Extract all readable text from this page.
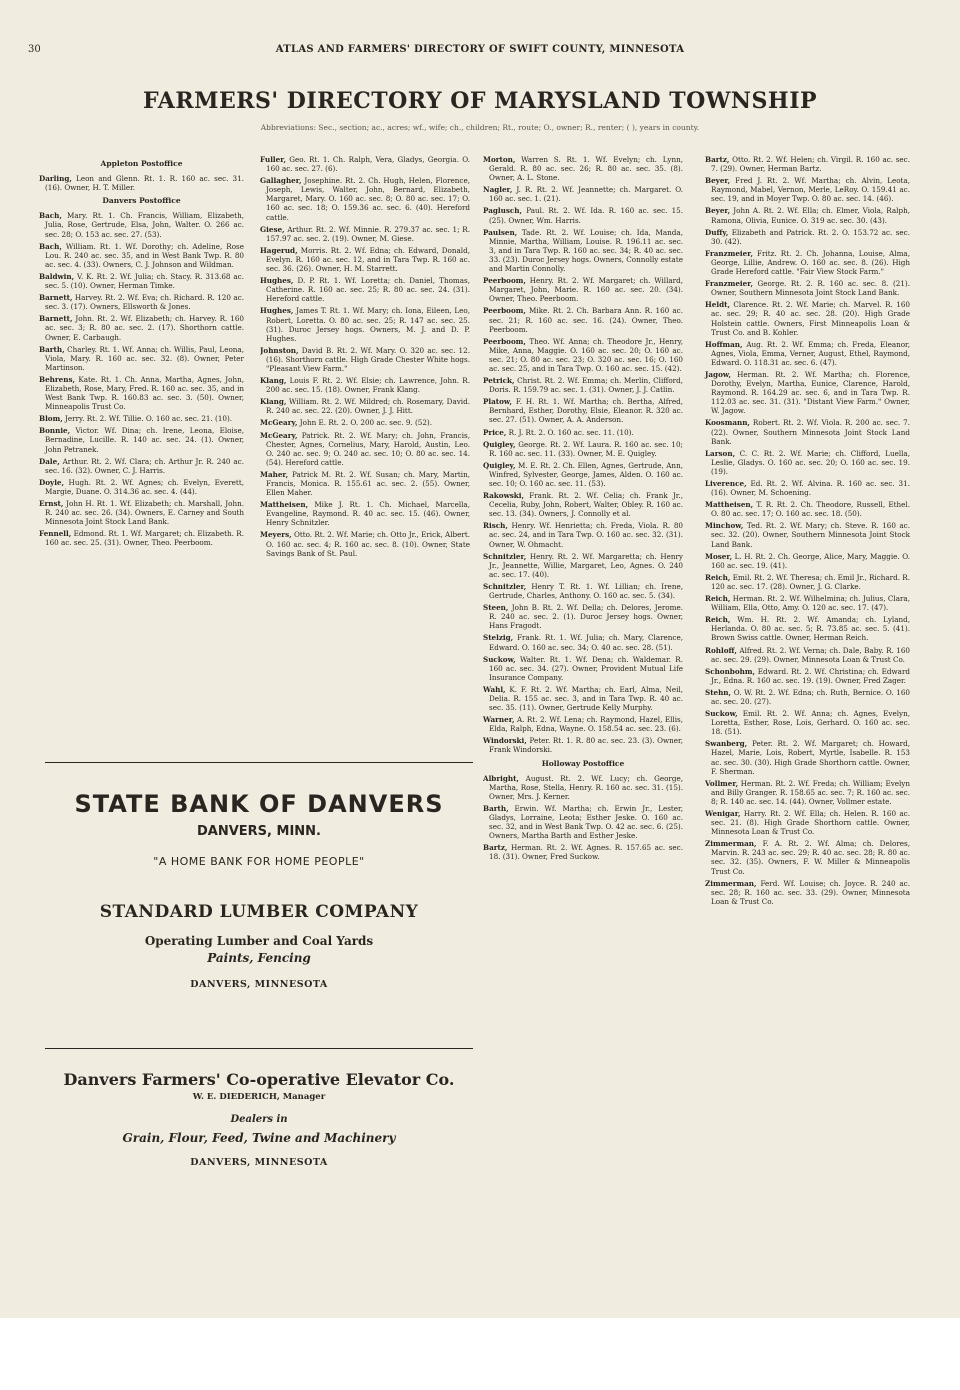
30	ATLAS AND FARMERS' DIRECTORY OF SWIFT COUNTY, MINNESOTA
FARMERS' DIRECTORY OF MARYSLAND TOWNSHIP
Abbreviations: Sec., section; ac., acres; wf., wife; ch., children; Rt., route; O., owner; R., renter; ( ), years in county.
Appleton Postoffice

Darling, Leon and Glenn. Rt. 1. R. 160 ac. sec. 31. (16). Owner, H. T. Miller.

Danvers Postoffice

Bach, Mary. Rt. 1. Ch. Francis, William, Elizabeth, Julia, Rose, Gertrude, Elsa, John, Walter. O. 266 ac. sec. 28; O. 153 ac. sec. 27. (53).

Bach, William. Rt. 1. Wf. Dorothy; ch. Adeline, Rose Lou. R. 240 ac. sec. 35, and in West Bank Twp. R. 80 ac. sec. 4. (33). Owners, C. J. Johnson and Wildman.

Baldwin, V. K. Rt. 2. Wf. Julia; ch. Stacy. R. 313.68 ac. sec. 5. (10). Owner, Herman Timke.

Barnett, Harvey. Rt. 2. Wf. Eva; ch. Richard. R. 120 ac. sec. 3. (17). Owners, Ellsworth & Jones.

Barnett, John. Rt. 2. Wf. Elizabeth; ch. Harvey. R. 160 ac. sec. 3; R. 80 ac. sec. 2. (17). Shorthorn cattle. Owner, E. Carbaugh.

Barth, Charley. Rt. 1. Wf. Anna; ch. Willis, Paul, Leona, Viola, Mary. R. 160 ac. sec. 32. (8). Owner, Peter Martinson.

Behrens, Kate. Rt. 1. Ch. Anna, Martha, Agnes, John, Elizabeth, Rose, Mary, Fred. R. 160 ac. sec. 35, and in West Bank Twp. R. 160.83 ac. sec. 3. (50). Owner, Minneapolis Trust Co.

Blom, Jerry. Rt. 2. Wf. Tillie. O. 160 ac. sec. 21. (10).

Bonnie, Victor. Wf. Dina; ch. Irene, Leona, Eloise, Bernadine, Lucille. R. 140 ac. sec. 24. (1). Owner, John Petranek.

Dale, Arthur. Rt. 2. Wf. Clara; ch. Arthur Jr. R. 240 ac. sec. 16. (32). Owner, C. J. Harris.

Doyle, Hugh. Rt. 2. Wf. Agnes; ch. Evelyn, Everett, Margie, Duane. O. 314.36 ac. sec. 4. (44).

Ernst, John H. Rt. 1. Wf. Elizabeth; ch. Marshall, John. R. 240 ac. sec. 26. (34). Owners, E. Carney and South Minnesota Joint Stock Land Bank.

Fennell, Edmond. Rt. 1. Wf. Margaret; ch. Elizabeth. R. 160 ac. sec. 25. (31). Owner, Theo. Peerboom.

Fuller, Geo. Rt. 1. Ch. Ralph, Vera, Gladys, Georgia. O. 160 ac. sec. 27. (6).

Gallagher, Josephine. Rt. 2. Ch. Hugh, Helen, Florence, Joseph, Lewis, Walter, John, Bernard, Elizabeth, Margaret, Mary. O. 160 ac. sec. 8; O. 80 ac. sec. 17; O. 160 ac. sec. 18; O. 159.36 ac. sec. 6. (40). Hereford cattle.

Giese, Arthur. Rt. 2. Wf. Minnie. R. 279.37 ac. sec. 1; R. 157.97 ac. sec. 2. (19). Owner, M. Giese.

Hagerud, Morris. Rt. 2. Wf. Edna; ch. Edward, Donald, Evelyn. R. 160 ac. sec. 12, and in Tara Twp. R. 160 ac. sec. 36. (26). Owner, H. M. Starrett.

Hughes, D. P. Rt. 1. Wf. Loretta; ch. Daniel, Thomas, Catherine. R. 160 ac. sec. 25; R. 80 ac. sec. 24. (31). Hereford cattle.

Hughes, James T. Rt. 1. Wf. Mary; ch. Iona, Eileen, Leo, Robert, Loretta. O. 80 ac. sec. 25; R. 147 ac. sec. 25. (31). Duroc Jersey hogs. Owners, M. J. and D. P. Hughes.

Johnston, David B. Rt. 2. Wf. Mary. O. 320 ac. sec. 12. (16). Shorthorn cattle. High Grade Chester White hogs. "Pleasant View Farm."

Klang, Louis F. Rt. 2. Wf. Elsie; ch. Lawrence, John. R. 200 ac. sec. 15. (18). Owner, Frank Klang.

Klang, William. Rt. 2. Wf. Mildred; ch. Rosemary, David. R. 240 ac. sec. 22. (20). Owner, J. J. Hitt.

McGeary, John E. Rt. 2. O. 200 ac. sec. 9. (52).

McGeary, Patrick. Rt. 2. Wf. Mary; ch. John, Francis, Chester, Agnes, Cornelius, Mary, Harold, Austin, Leo. O. 240 ac. sec. 9; O. 240 ac. sec. 10; O. 80 ac. sec. 14. (54). Hereford cattle.

Maher, Patrick M. Rt. 2. Wf. Susan; ch. Mary, Martin, Francis, Monica. R. 155.61 ac. sec. 2. (55). Owner, Ellen Maher.

Mattheisen, Mike J. Rt. 1. Ch. Michael, Marcella, Evangeline, Raymond. R. 40 ac. sec. 15. (46). Owner, Henry Schnitzler.

Meyers, Otto. Rt. 2. Wf. Marie; ch. Otto Jr., Erick, Albert. O. 160 ac. sec. 4; R. 160 ac. sec. 8. (10). Owner, State Savings Bank of St. Paul.

Morton, Warren S. Rt. 1. Wf. Evelyn; ch. Lynn, Gerald. R. 80 ac. sec. 26; R. 80 ac. sec. 35. (8). Owner, A. L. Stone.

Nagler, J. R. Rt. 2. Wf. Jeannette; ch. Margaret. O. 160 ac. sec. 1. (21).

Paglusch, Paul. Rt. 2. Wf. Ida. R. 160 ac. sec. 15. (25). Owner, Wm. Harris.

Paulsen, Tade. Rt. 2. Wf. Louise; ch. Ida, Manda, Minnie, Martha, William, Louise. R. 196.11 ac. sec. 3, and in Tara Twp. R. 160 ac. sec. 34; R. 40 ac. sec. 33. (23). Duroc Jersey hogs. Owners, Connolly estate and Martin Connolly.

Peerboom, Henry. Rt. 2. Wf. Margaret; ch. Willard, Margaret, John, Marie. R. 160 ac. sec. 20. (34). Owner, Theo. Peerboom.

Peerboom, Mike. Rt. 2. Ch. Barbara Ann. R. 160 ac. sec. 21; R. 160 ac. sec. 16. (24). Owner, Theo. Peerboom.

Peerboom, Theo. Wf. Anna; ch. Theodore Jr., Henry, Mike, Anna, Maggie. O. 160 ac. sec. 20; O. 160 ac. sec. 21; O. 80 ac. sec. 23; O. 320 ac. sec. 16; O. 160 ac. sec. 25, and in Tara Twp. O. 160 ac. sec. 15. (42).

Petrick, Christ. Rt. 2. Wf. Emma; ch. Merlin, Clifford, Doris. R. 159.79 ac. sec. 1. (31). Owner, J. J. Catlin.

Platow, F. H. Rt. 1. Wf. Martha; ch. Bertha, Alfred, Bernhard, Esther, Dorothy, Elsie, Eleanor. R. 320 ac. sec. 27. (51). Owner, A. A. Anderson.

Price, R. J. Rt. 2. O. 160 ac. sec. 11. (10).

Quigley, George. Rt. 2. Wf. Laura. R. 160 ac. sec. 10; R. 160 ac. sec. 11. (33). Owner, M. E. Quigley.

Quigley, M. E. Rt. 2. Ch. Ellen, Agnes, Gertrude, Ann, Winfred, Sylvester, George, James, Alden. O. 160 ac. sec. 10; O. 160 ac. sec. 11. (53).

Rakowski, Frank. Rt. 2. Wf. Celia; ch. Frank Jr., Cecelia, Ruby, John, Robert, Walter, Obley. R. 160 ac. sec. 13. (34). Owners, J. Connolly et al.

Risch, Henry. Wf. Henrietta; ch. Freda, Viola. R. 80 ac. sec. 24, and in Tara Twp. O. 160 ac. sec. 32. (31). Owner, W. Ohmacht.

Schnitzler, Henry. Rt. 2. Wf. Margaretta; ch. Henry Jr., Jeannette, Willie, Margaret, Leo, Agnes. O. 240 ac. sec. 17. (40).

Schnitzler, Henry T. Rt. 1. Wf. Lillian; ch. Irene, Gertrude, Charles, Anthony. O. 160 ac. sec. 5. (34).

Steen, John B. Rt. 2. Wf. Della; ch. Delores, Jerome. R. 240 ac. sec. 2. (1). Duroc Jersey hogs. Owner, Hans Fragodt.

Stelzig, Frank. Rt. 1. Wf. Julia; ch. Mary, Clarence, Edward. O. 160 ac. sec. 34; O. 40 ac. sec. 28. (51).

Suckow, Walter. Rt. 1. Wf. Dena; ch. Waldemar. R. 160 ac. sec. 34. (27). Owner, Provident Mutual Life Insurance Company.

Wahl, K. F. Rt. 2. Wf. Martha; ch. Earl, Alma, Neil, Delia. R. 155 ac. sec. 3, and in Tara Twp. R. 40 ac. sec. 35. (11). Owner, Gertrude Kelly Murphy.

Warner, A. Rt. 2. Wf. Lena; ch. Raymond, Hazel, Ellis, Elda, Ralph, Edna, Wayne. O. 158.54 ac. sec. 23. (6).

Windorski, Peter. Rt. 1. R. 80 ac. sec. 23. (3). Owner, Frank Windorski.

Holloway Postoffice

Albright, August. Rt. 2. Wf. Lucy; ch. George, Martha, Rose, Stella, Henry. R. 160 ac. sec. 31. (15). Owner, Mrs. J. Kerner.

Barth, Erwin. Wf. Martha; ch. Erwin Jr., Lester, Gladys, Lorraine, Leota; Esther Jeske. O. 160 ac. sec. 32, and in West Bank Twp. O. 42 ac. sec. 6. (25). Owners, Martha Barth and Esther Jeske.

Bartz, Herman. Rt. 2. Wf. Agnes. R. 157.65 ac. sec. 18. (31). Owner, Fred Suckow.

Bartz, Otto. Rt. 2. Wf. Helen; ch. Virgil. R. 160 ac. sec. 7. (29). Owner, Herman Bartz.

Beyer, Fred J. Rt. 2. Wf. Martha; ch. Alvin, Leota, Raymond, Mabel, Vernon, Merle, LeRoy. O. 159.41 ac. sec. 19, and in Moyer Twp. O. 80 ac. sec. 14. (46).

Beyer, John A. Rt. 2. Wf. Ella; ch. Elmer, Viola, Ralph, Ramona, Olivia, Eunice. O. 319 ac. sec. 30. (43).

Duffy, Elizabeth and Patrick. Rt. 2. O. 153.72 ac. sec. 30. (42).

Franzmeier, Fritz. Rt. 2. Ch. Johanna, Louise, Alma, George, Lillie, Andrew. O. 160 ac. sec. 8. (26). High Grade Hereford cattle. "Fair View Stock Farm."

Franzmeier, George. Rt. 2. R. 160 ac. sec. 8. (21). Owner, Southern Minnesota Joint Stock Land Bank.

Heldt, Clarence. Rt. 2. Wf. Marie; ch. Marvel. R. 160 ac. sec. 29; R. 40 ac. sec. 28. (20). High Grade Holstein cattle. Owners, First Minneapolis Loan & Trust Co. and B. Kohler.

Hoffman, Aug. Rt. 2. Wf. Emma; ch. Freda, Eleanor, Agnes, Viola, Emma, Verner, August, Ethel, Raymond, Edward. O. 118.31 ac. sec. 6. (47).

Jagow, Herman. Rt. 2. Wf. Martha; ch. Florence, Dorothy, Evelyn, Martha, Eunice, Clarence, Harold, Raymond. R. 164.29 ac. sec. 6, and in Tara Twp. R. 112.03 ac. sec. 31. (31). "Distant View Farm." Owner, W. Jagow.

Koosmann, Robert. Rt. 2. Wf. Viola. R. 200 ac. sec. 7. (22). Owner, Southern Minnesota Joint Stock Land Bank.

Larson, C. C. Rt. 2. Wf. Marie; ch. Clifford, Luella, Leslie, Gladys. O. 160 ac. sec. 20; O. 160 ac. sec. 19. (19).

Liverence, Ed. Rt. 2. Wf. Alvina. R. 160 ac. sec. 31. (16). Owner, M. Schoening.

Mattheisen, T. R. Rt. 2. Ch. Theodore, Russell, Ethel. O. 80 ac. sec. 17; O. 160 ac. sec. 18. (50).

Minchow, Ted. Rt. 2. Wf. Mary; ch. Steve. R. 160 ac. sec. 32. (20). Owner, Southern Minnesota Joint Stock Land Bank.

Moser, L. H. Rt. 2. Ch. George, Alice, Mary, Maggie. O. 160 ac. sec. 19. (41).

Reich, Emil. Rt. 2. Wf. Theresa; ch. Emil Jr., Richard. R. 120 ac. sec. 17. (28). Owner, J. G. Clarke.

Reich, Herman. Rt. 2. Wf. Wilhelmina; ch. Julius, Clara, William, Ella, Otto, Amy. O. 120 ac. sec. 17. (47).

Reich, Wm. H. Rt. 2. Wf. Amanda; ch. Lyland, Herlanda. O. 80 ac. sec. 5; R. 73.85 ac. sec. 5. (41). Brown Swiss cattle. Owner, Herman Reich.

Rohloff, Alfred. Rt. 2. Wf. Verna; ch. Dale, Baby. R. 160 ac. sec. 29. (29). Owner, Minnesota Loan & Trust Co.

Schonbohm, Edward. Rt. 2. Wf. Christina; ch. Edward Jr., Edna. R. 160 ac. sec. 19. (19). Owner, Fred Zager.

Stehn, O. W. Rt. 2. Wf. Edna; ch. Ruth, Bernice. O. 160 ac. sec. 20. (27).

Suckow, Emil. Rt. 2. Wf. Anna; ch. Agnes, Evelyn, Loretta, Esther, Rose, Lois, Gerhard. O. 160 ac. sec. 18. (51).

Swanberg, Peter. Rt. 2. Wf. Margaret; ch. Howard, Hazel, Marie, Lois, Robert, Myrtle, Isabelle. R. 153 ac. sec. 30. (30). High Grade Shorthorn cattle. Owner, F. Sherman.

Vollmer, Herman. Rt. 2. Wf. Freda; ch. William; Evelyn and Billy Granger. R. 158.65 ac. sec. 7; R. 160 ac. sec. 8; R. 140 ac. sec. 14. (44). Owner, Vollmer estate.

Wenigar, Harry. Rt. 2. Wf. Ella; ch. Helen. R. 160 ac. sec. 21. (8). High Grade Shorthorn cattle. Owner, Minnesota Loan & Trust Co.

Zimmerman, F. A. Rt. 2. Wf. Alma; ch. Delores, Marvin. R. 243 ac. sec. 29; R. 40 ac. sec. 28; R. 80 ac. sec. 32. (35). Owners, F. W. Miller & Minneapolis Trust Co.

Zimmerman, Ferd. Wf. Louise; ch. Joyce. R. 240 ac. sec. 28; R. 160 ac. sec. 33. (29). Owner, Minnesota Loan & Trust Co.

STATE BANK OF DANVERS
DANVERS, MINN.
"A HOME BANK FOR HOME PEOPLE"
STANDARD LUMBER COMPANY
Operating Lumber and Coal Yards
Paints, Fencing
DANVERS, MINNESOTA
Danvers Farmers' Co-operative Elevator Co.
W. E. DIEDERICH, Manager
Dealers in
Grain, Flour, Feed, Twine and Machinery
DANVERS, MINNESOTA
